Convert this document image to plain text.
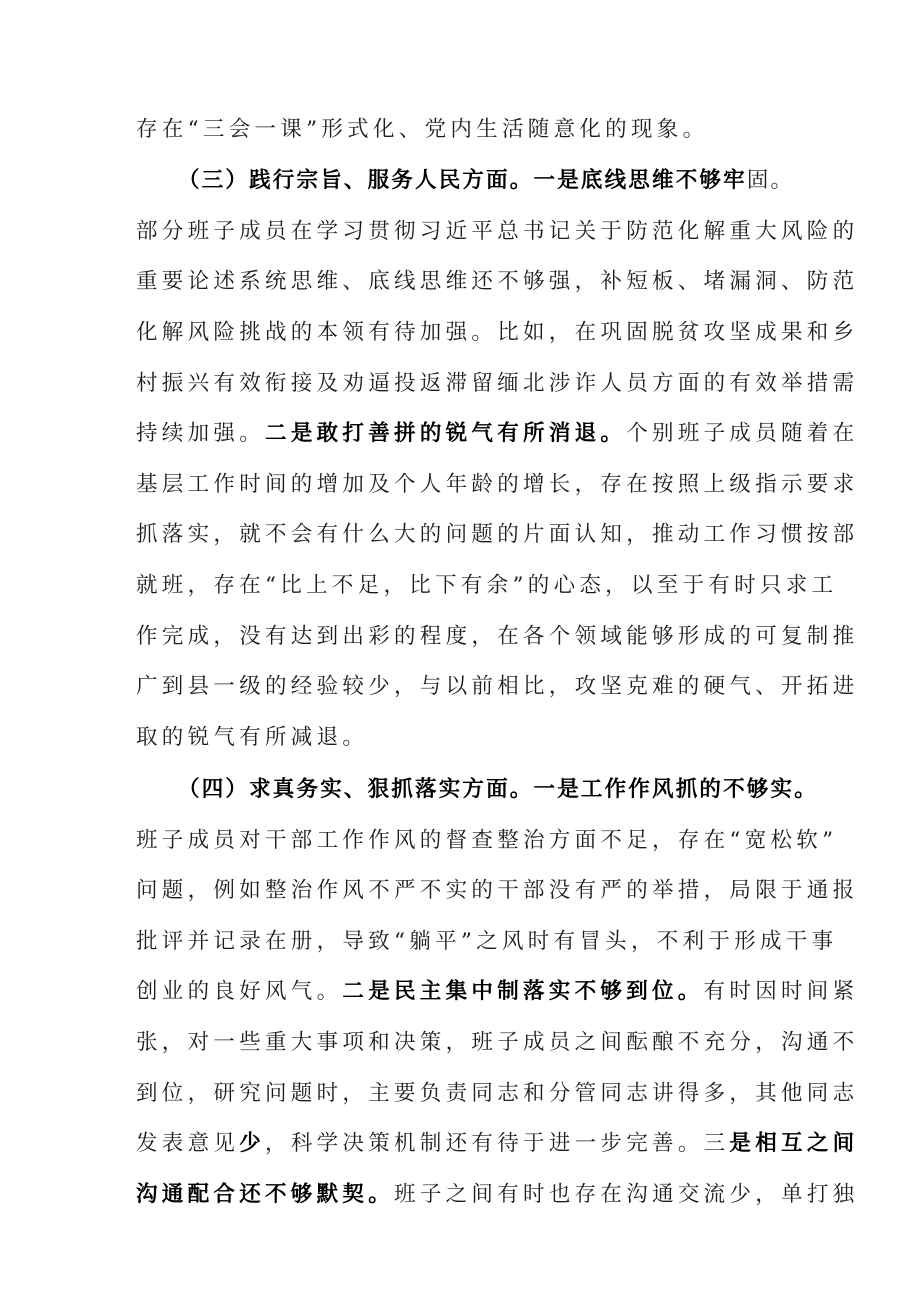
存在“三会一课”形式化、党内生活随意化的现象。
（三）践行宗旨、服务人民方面。一是底线思维不够牢固。
部分班子成员在学习贯彻习近平总书记关于防范化解重大风险的
重要论述系统思维、底线思维还不够强，补短板、堵漏洞、防范
化解风险挑战的本领有待加强。比如，在巩固脱贫攻坚成果和乡
村振兴有效衔接及劝逼投返滞留缅北涉诈人员方面的有效举措需
持续加强。二是敢打善拼的锐气有所消退。个别班子成员随着在
基层工作时间的增加及个人年龄的增长，存在按照上级指示要求
抓落实，就不会有什么大的问题的片面认知，推动工作习惯按部
就班，存在“比上不足，比下有余”的心态，以至于有时只求工
作完成，没有达到出彩的程度，在各个领域能够形成的可复制推
广到县一级的经验较少，与以前相比，攻坚克难的硬气、开拓进
取的锐气有所减退。
（四）求真务实、狠抓落实方面。一是工作作风抓的不够实。
班子成员对干部工作作风的督查整治方面不足，存在“宽松软”
问题，例如整治作风不严不实的干部没有严的举措，局限于通报
批评并记录在册，导致“躺平”之风时有冒头，不利于形成干事
创业的良好风气。二是民主集中制落实不够到位。有时因时间紧
张，对一些重大事项和决策，班子成员之间酝酿不充分，沟通不
到位，研究问题时，主要负责同志和分管同志讲得多，其他同志
发表意见少，科学决策机制还有待于进一步完善。三是相互之间
沟通配合还不够默契。班子之间有时也存在沟通交流少，单打独
